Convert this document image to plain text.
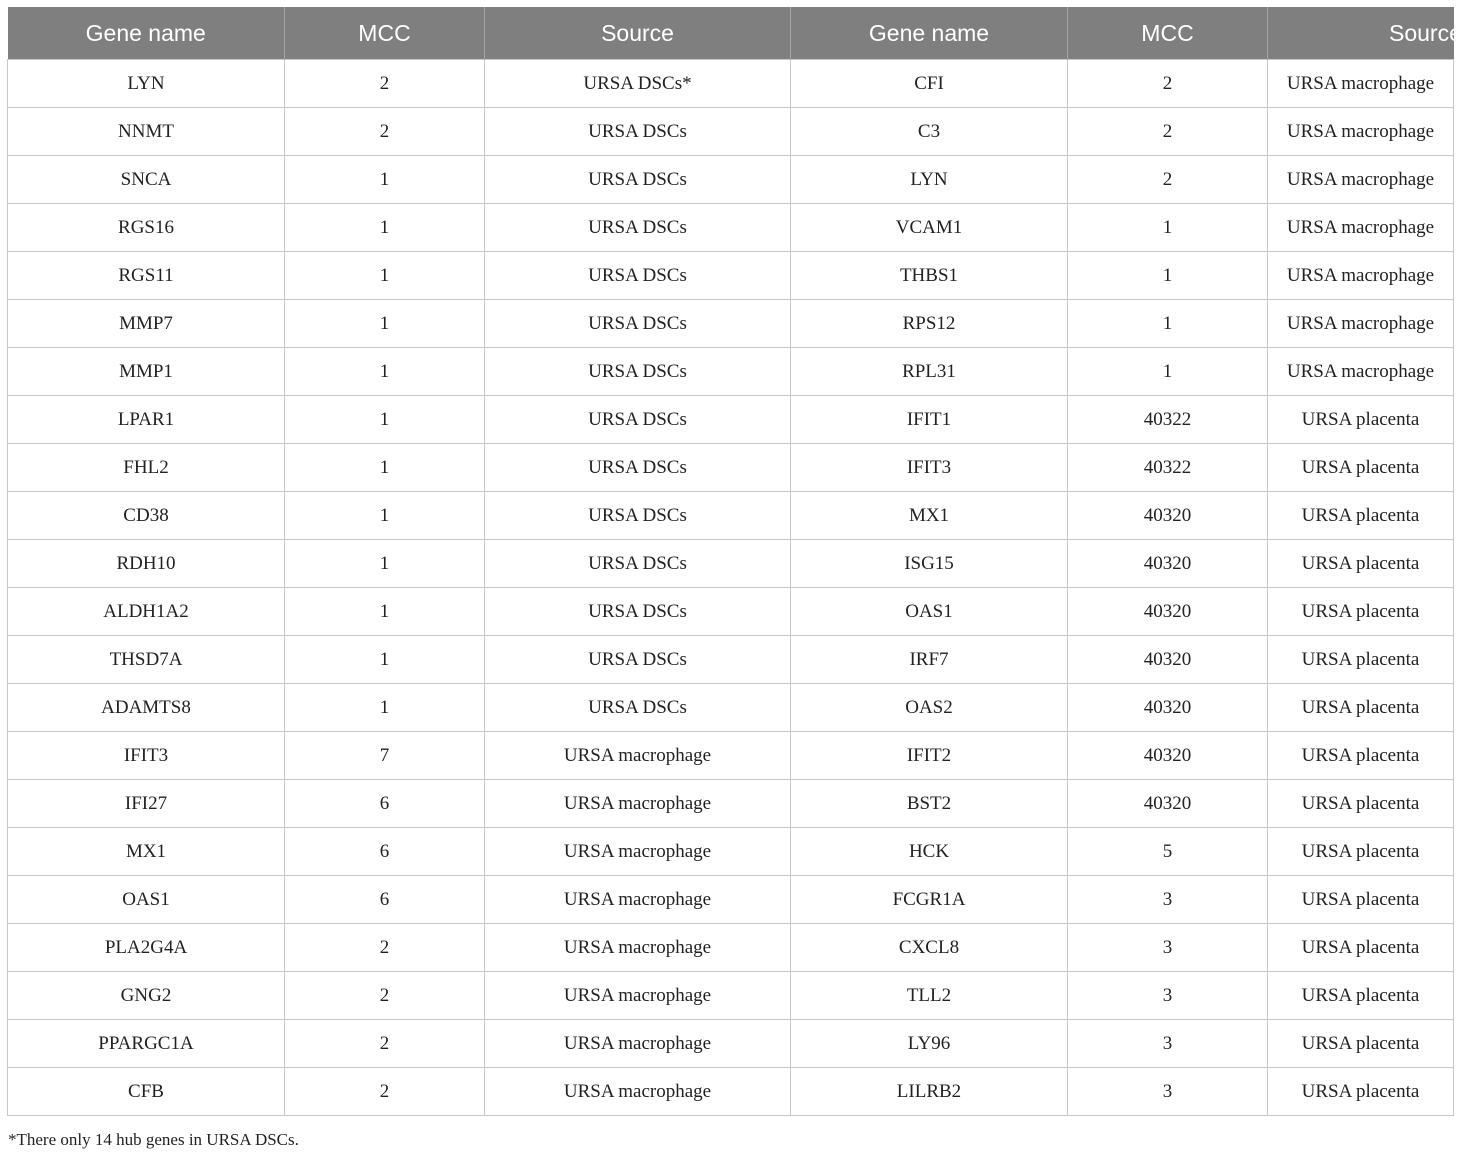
Gene name	MCC	Source	Gene name	MCC	Source
LYN	2	URSA DSCs*	CFI	2	URSA macrophage
NNMT	2	URSA DSCs	C3	2	URSA macrophage
SNCA	1	URSA DSCs	LYN	2	URSA macrophage
RGS16	1	URSA DSCs	VCAM1	1	URSA macrophage
RGS11	1	URSA DSCs	THBS1	1	URSA macrophage
MMP7	1	URSA DSCs	RPS12	1	URSA macrophage
MMP1	1	URSA DSCs	RPL31	1	URSA macrophage
LPAR1	1	URSA DSCs	IFIT1	40322	URSA placenta
FHL2	1	URSA DSCs	IFIT3	40322	URSA placenta
CD38	1	URSA DSCs	MX1	40320	URSA placenta
RDH10	1	URSA DSCs	ISG15	40320	URSA placenta
ALDH1A2	1	URSA DSCs	OAS1	40320	URSA placenta
THSD7A	1	URSA DSCs	IRF7	40320	URSA placenta
ADAMTS8	1	URSA DSCs	OAS2	40320	URSA placenta
IFIT3	7	URSA macrophage	IFIT2	40320	URSA placenta
IFI27	6	URSA macrophage	BST2	40320	URSA placenta
MX1	6	URSA macrophage	HCK	5	URSA placenta
OAS1	6	URSA macrophage	FCGR1A	3	URSA placenta
PLA2G4A	2	URSA macrophage	CXCL8	3	URSA placenta
GNG2	2	URSA macrophage	TLL2	3	URSA placenta
PPARGC1A	2	URSA macrophage	LY96	3	URSA placenta
CFB	2	URSA macrophage	LILRB2	3	URSA placenta
*There only 14 hub genes in URSA DSCs.
